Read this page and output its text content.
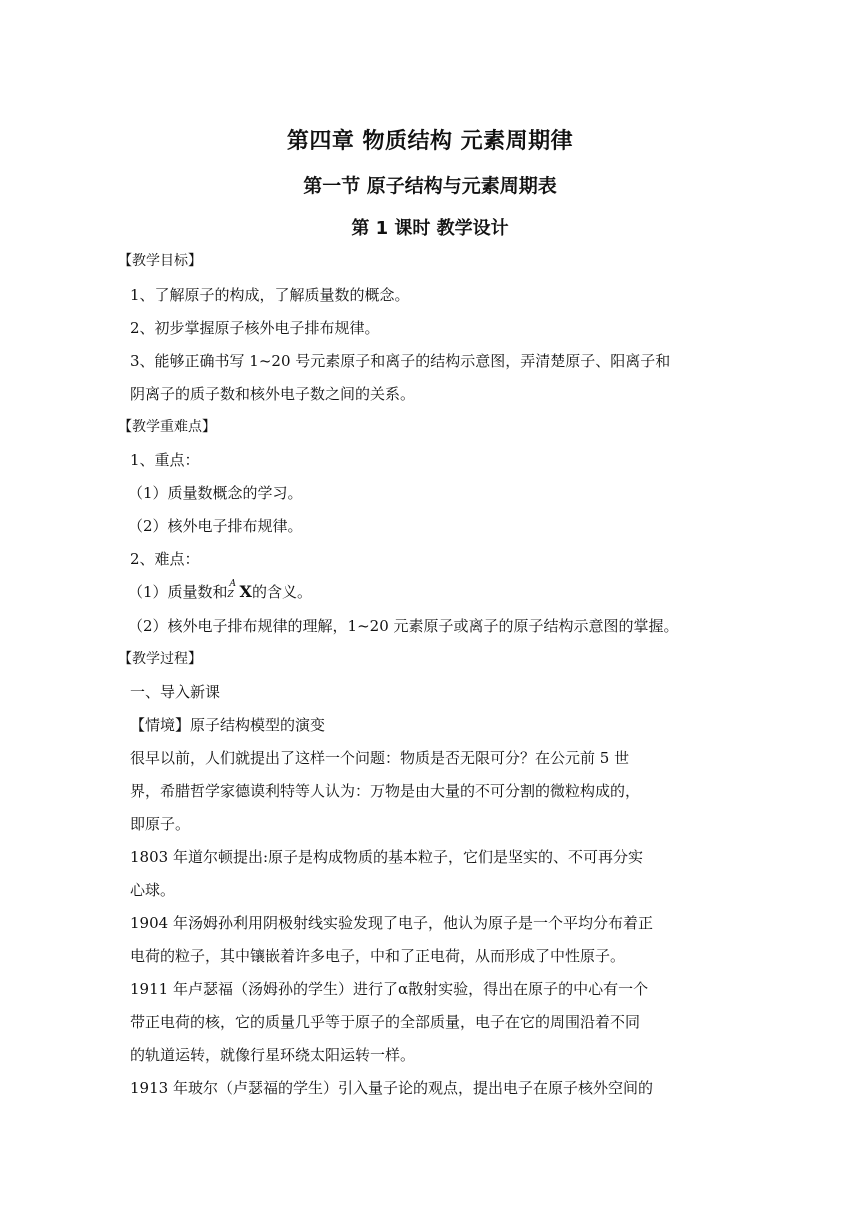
第四章 物质结构 元素周期律
第一节 原子结构与元素周期表
第 1 课时 教学设计
【教学目标】
1、了解原子的构成，了解质量数的概念。
2、初步掌握原子核外电子排布规律。
3、能够正确书写 1~20 号元素原子和离子的结构示意图，弄清楚原子、阳离子和
阴离子的质子数和核外电子数之间的关系。
【教学重难点】
1、重点：
（1）质量数概念的学习。
（2）核外电子排布规律。
2、难点：
（1）质量数和 A
Z X的含义。
（2）核外电子排布规律的理解，1~20 元素原子或离子的原子结构示意图的掌握。
【教学过程】
一、导入新课
【情境】原子结构模型的演变
很早以前，人们就提出了这样一个问题：物质是否无限可分？在公元前 5 世
界，希腊哲学家德谟利特等人认为：万物是由大量的不可分割的微粒构成的，
即原子。
1803 年道尔顿提出:原子是构成物质的基本粒子，它们是坚实的、不可再分实
心球。
1904 年汤姆孙利用阴极射线实验发现了电子，他认为原子是一个平均分布着正
电荷的粒子，其中镶嵌着许多电子，中和了正电荷，从而形成了中性原子。
1911 年卢瑟福（汤姆孙的学生）进行了α散射实验，得出在原子的中心有一个
带正电荷的核，它的质量几乎等于原子的全部质量，电子在它的周围沿着不同
的轨道运转，就像行星环绕太阳运转一样。
1913 年玻尔（卢瑟福的学生）引入量子论的观点，提出电子在原子核外空间的
